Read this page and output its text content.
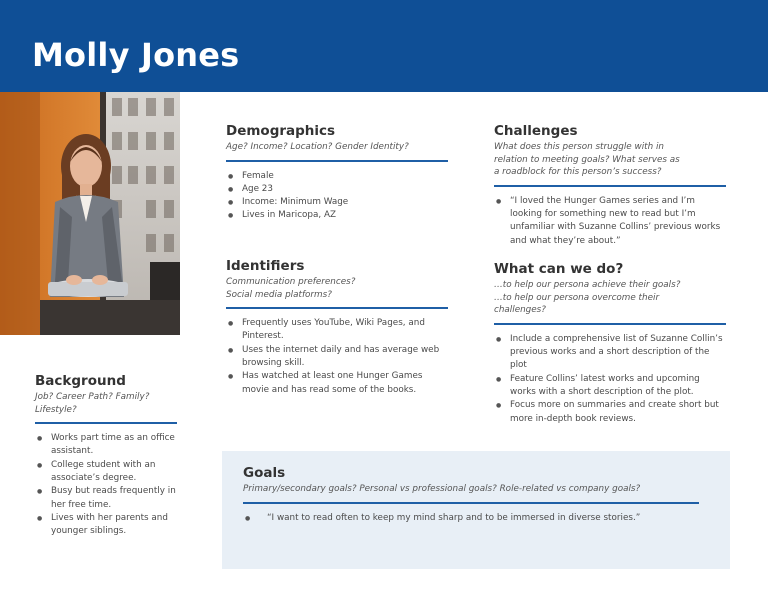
Molly Jones
Demographics
Age? Income? Location? Gender Identity?
● Female
● Age 23
● Income: Minimum Wage
● Lives in Maricopa, AZ
Identifiers
Communication preferences?
Social media platforms?
● Frequently uses YouTube, Wiki Pages, and Pinterest.
● Uses the internet daily and has average web browsing skill.
● Has watched at least one Hunger Games movie and has read some of the books.
Challenges
What does this person struggle with in
relation to meeting goals? What serves as
a roadblock for this person’s success?
● “I loved the Hunger Games series and I’m looking for something new to read but I’m unfamiliar with Suzanne Collins’ previous works and what they’re about.”
What can we do?
…to help our persona achieve their goals?
…to help our persona overcome their
challenges?
● Include a comprehensive list of Suzanne Collin’s previous works and a short description of the plot
● Feature Collins’ latest works and upcoming works with a short description of the plot.
● Focus more on summaries and create short but more in-depth book reviews.
Background
Job? Career Path? Family?
Lifestyle?
● Works part time as an office assistant.
● College student with an associate’s degree.
● Busy but reads frequently in her free time.
● Lives with her parents and younger siblings.
Goals
Primary/secondary goals? Personal vs professional goals? Role-related vs company goals?
● “I want to read often to keep my mind sharp and to be immersed in diverse stories.”
